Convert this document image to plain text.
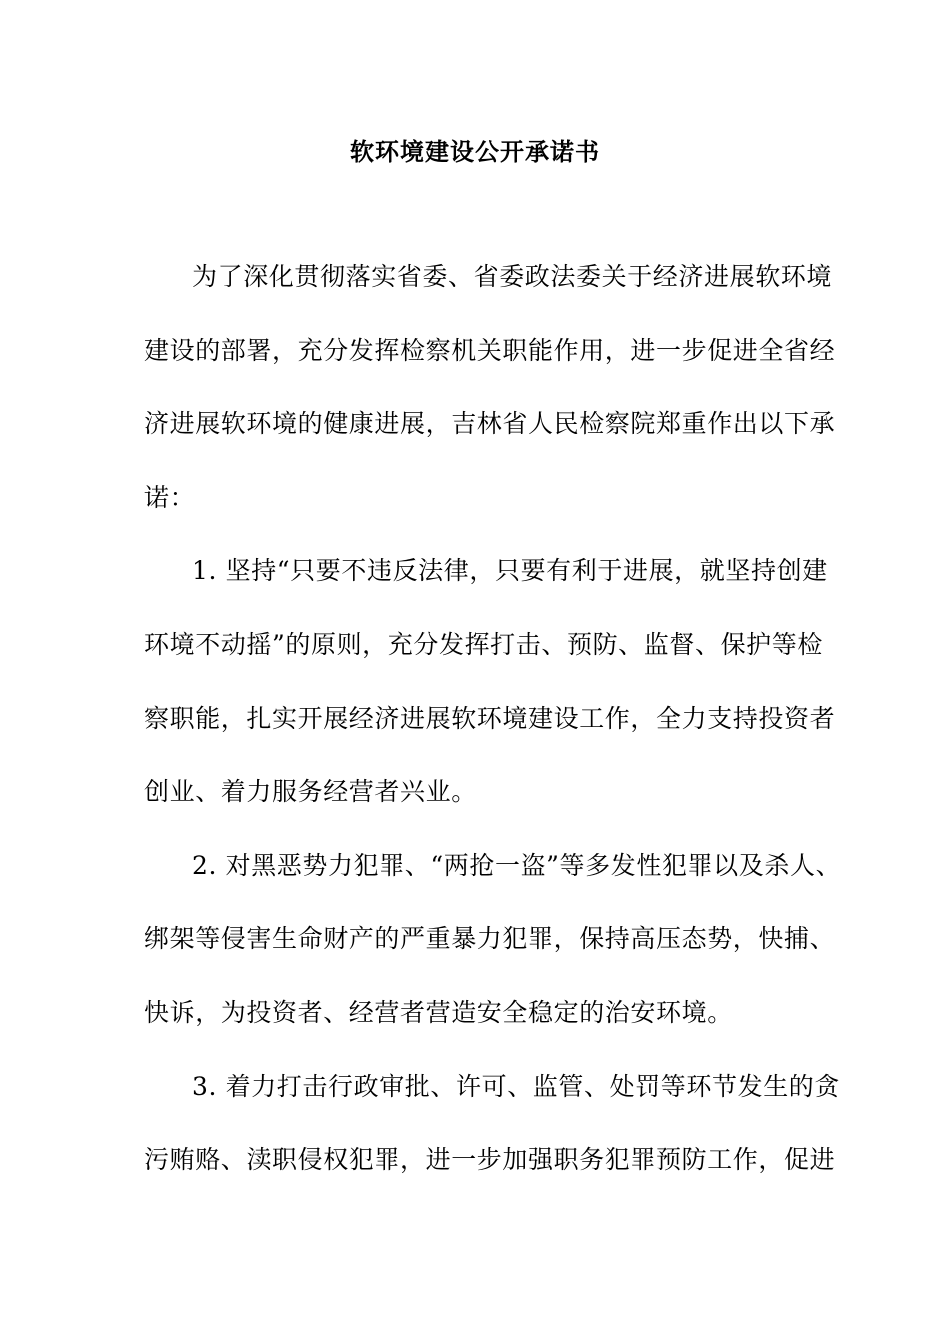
软环境建设公开承诺书
为了深化贯彻落实省委、省委政法委关于经济进展软环境
建设的部署，充分发挥检察机关职能作用，进一步促进全省经
济进展软环境的健康进展，吉林省人民检察院郑重作出以下承
诺：
1. 坚持“只要不违反法律，只要有利于进展，就坚持创建
环境不动摇”的原则，充分发挥打击、预防、监督、保护等检
察职能，扎实开展经济进展软环境建设工作，全力支持投资者
创业、着力服务经营者兴业。
2. 对黑恶势力犯罪、“两抢一盗”等多发性犯罪以及杀人、
绑架等侵害生命财产的严重暴力犯罪，保持高压态势，快捕、
快诉，为投资者、经营者营造安全稳定的治安环境。
3. 着力打击行政审批、许可、监管、处罚等环节发生的贪
污贿赂、渎职侵权犯罪，进一步加强职务犯罪预防工作，促进
